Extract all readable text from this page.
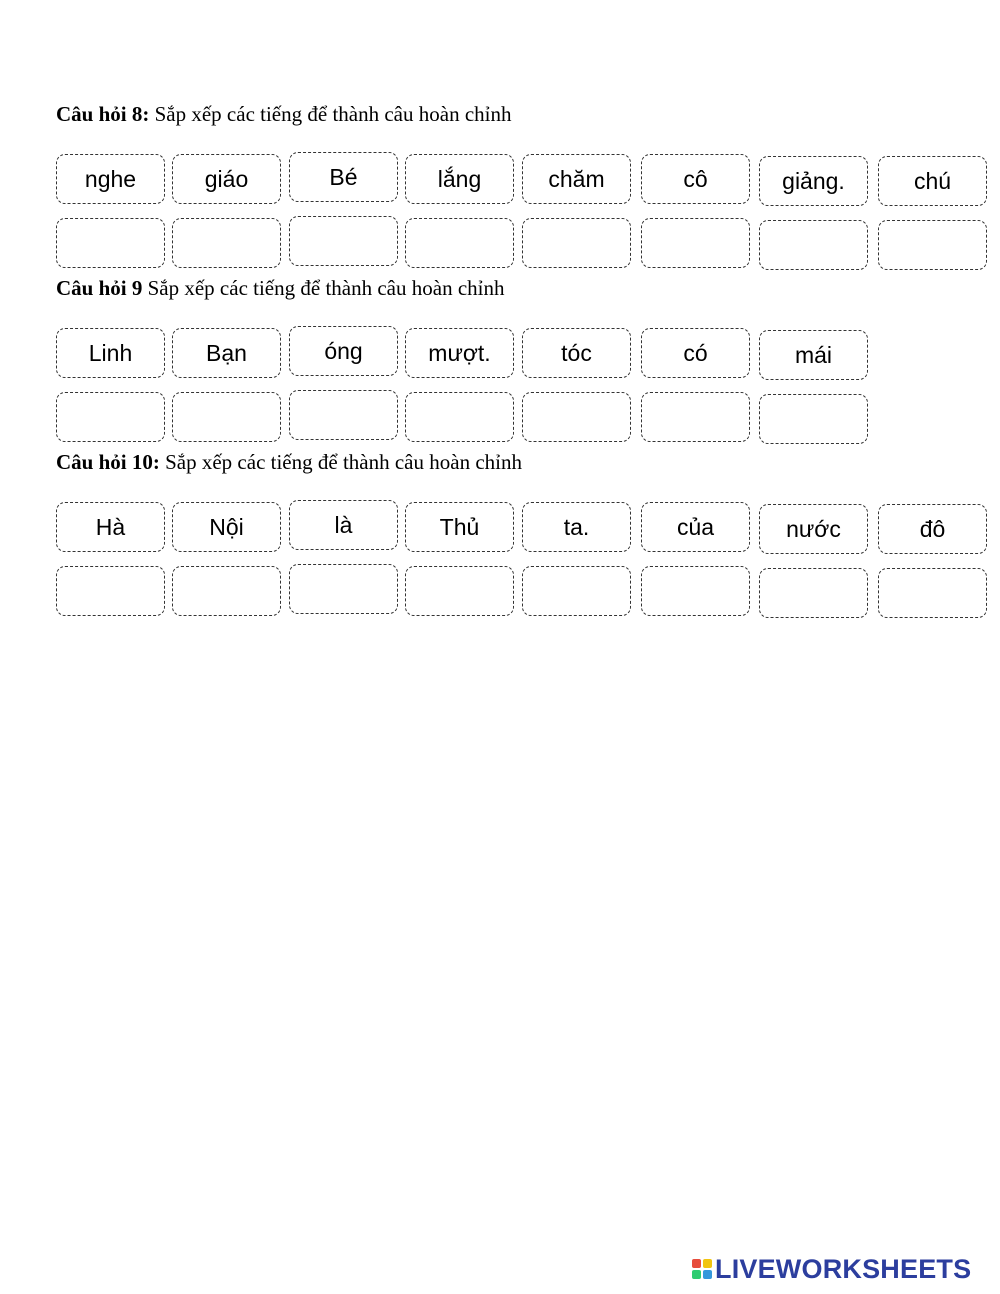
Câu hỏi 8: Sắp xếp các tiếng để thành câu hoàn chỉnh
nghe	giáo	Bé	lắng	chăm	cô	giảng.	chú
Câu hỏi 9 Sắp xếp các tiếng để thành câu hoàn chỉnh
Linh	Bạn	óng	mượt.	tóc	có	mái
Câu hỏi 10: Sắp xếp các tiếng để thành câu hoàn chỉnh
Hà	Nội	là	Thủ	ta.	của	nước	đô
LIVEWORKSHEETS
